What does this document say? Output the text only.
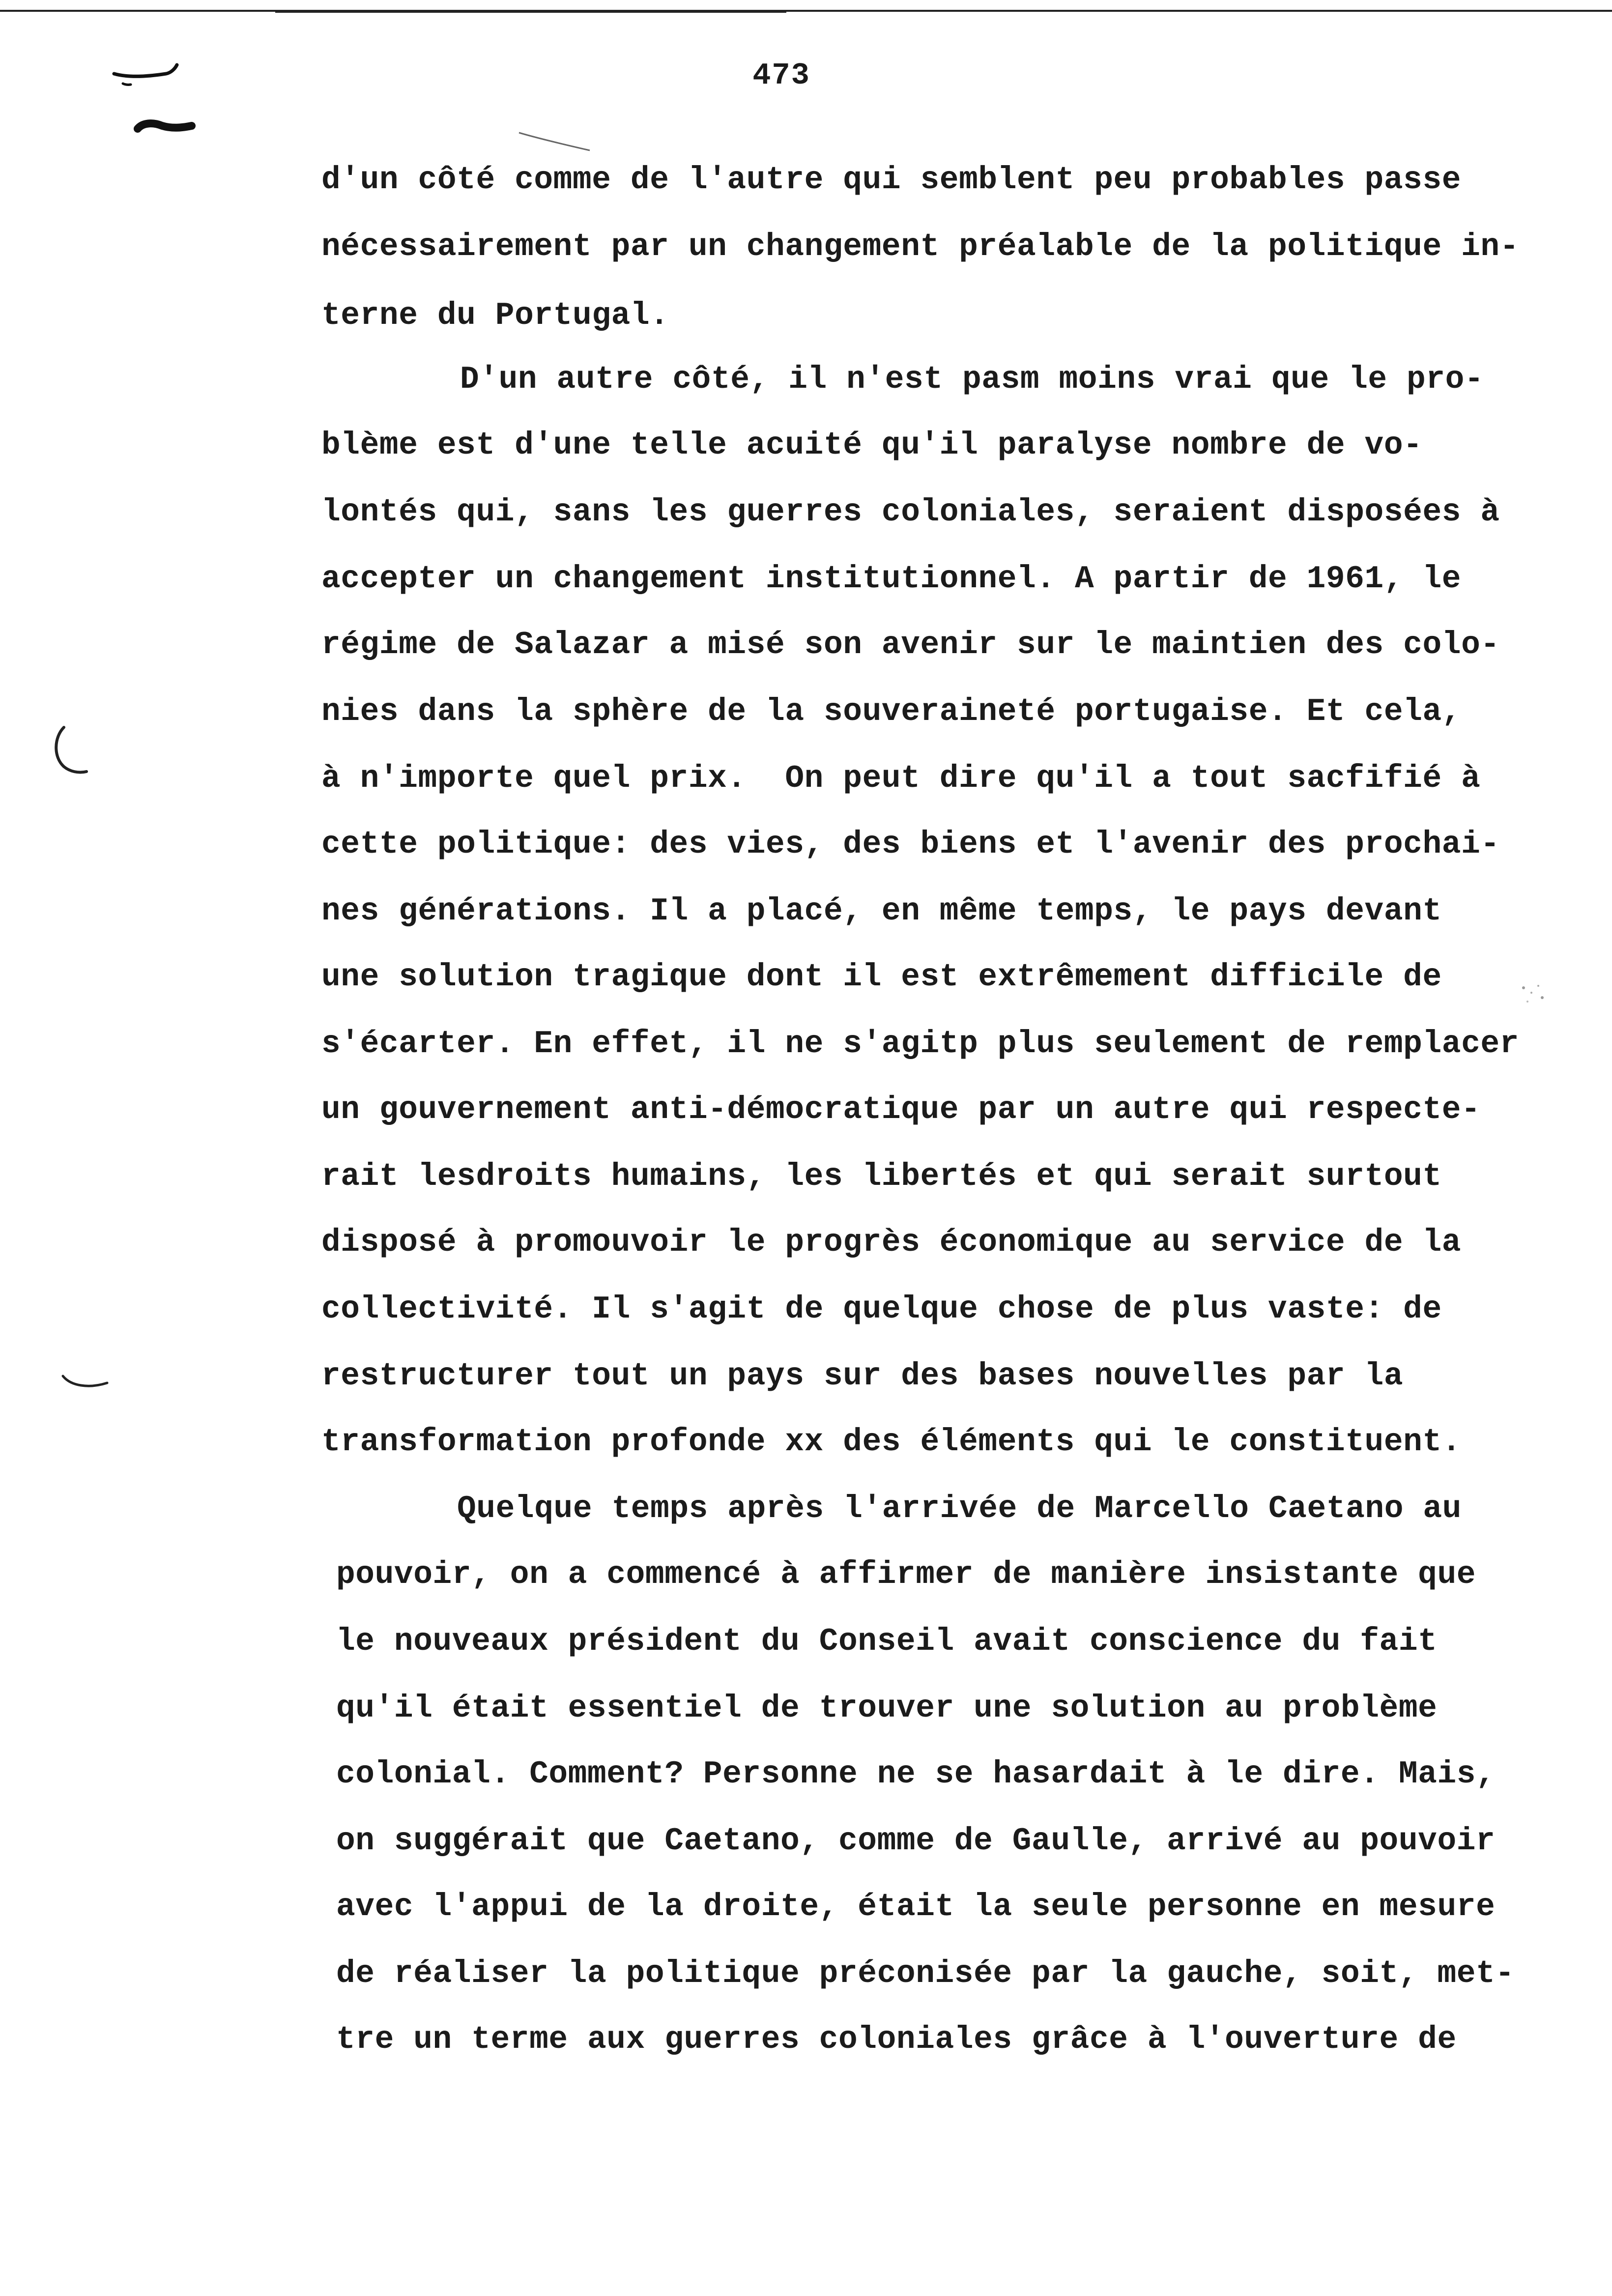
473
d'un côté comme de l'autre qui semblent peu probables passe
nécessairement par un changement préalable de la politique in-
terne du Portugal.
D'un autre côté, il n'est pasm moins vrai que le pro-
blème est d'une telle acuité qu'il paralyse nombre de vo-
lontés qui, sans les guerres coloniales, seraient disposées à
accepter un changement institutionnel. A partir de 1961, le
régime de Salazar a misé son avenir sur le maintien des colo-
nies dans la sphère de la souveraineté portugaise. Et cela,
à n'importe quel prix.  On peut dire qu'il a tout sacfifié à
cette politique: des vies, des biens et l'avenir des prochai-
nes générations. Il a placé, en même temps, le pays devant
une solution tragique dont il est extrêmement difficile de
s'écarter. En effet, il ne s'agitp plus seulement de remplacer
un gouvernement anti-démocratique par un autre qui respecte-
rait lesdroits humains, les libertés et qui serait surtout
disposé à promouvoir le progrès économique au service de la
collectivité. Il s'agit de quelque chose de plus vaste: de
restructurer tout un pays sur des bases nouvelles par la
transformation profonde xx des éléments qui le constituent.
Quelque temps après l'arrivée de Marcello Caetano au
pouvoir, on a commencé à affirmer de manière insistante que
le nouveaux président du Conseil avait conscience du fait
qu'il était essentiel de trouver une solution au problème
colonial. Comment? Personne ne se hasardait à le dire. Mais,
on suggérait que Caetano, comme de Gaulle, arrivé au pouvoir
avec l'appui de la droite, était la seule personne en mesure
de réaliser la politique préconisée par la gauche, soit, met-
tre un terme aux guerres coloniales grâce à l'ouverture de
